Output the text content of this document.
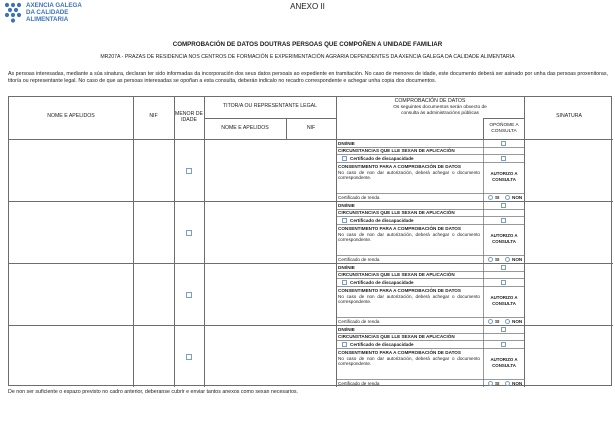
AXENCIA GALEGA
DA CALIDADE
ALIMENTARIA
ANEXO II
COMPROBACIÓN DE DATOS DOUTRAS PERSOAS QUE COMPOÑEN A UNIDADE FAMILIAR
MR207A - PRAZAS DE RESIDENCIA NOS CENTROS DE FORMACIÓN E EXPERIMENTACIÓN AGRARIA DEPENDENTES DA AXENCIA GALEGA DA CALIDADE ALIMENTARIA
As persoas interesadas, mediante a súa sinatura, declaran ter sido informadas da incorporación dos seus datos persoais ao expediente en tramitación. No caso de menores de idade, este documento deberá ser asinado por unha das persoas proxenitoras, titor/a ou representante legal. No caso de que as persoas interesadas se opoñan a esta consulta, deberán indicalo no recadro correspondente e achegar unha copia dos documentos.
NOME E APELIDOS	NIF	MENOR DE IDADE
TITOR/A OU REPRESENTANTE LEGAL
NOME E APELIDOS	NIF
COMPROBACIÓN DE DATOS
Os seguintes documentos serán obxecto de consulta ás administracións públicas
OPÓÑOME A CONSULTA
SINATURA
DNI/NIE
CIRCUNSTANCIAS QUE LLE SEXAN DE APLICACIÓN
Certificado de discapacidade
CONSENTIMENTO PARA A COMPROBACIÓN DE DATOS
No caso de non dar autorización, deberá achegar o documento correspondente.
AUTORIZO A CONSULTA
Certificado de renda	SI	NON
DNI/NIE
CIRCUNSTANCIAS QUE LLE SEXAN DE APLICACIÓN
Certificado de discapacidade
CONSENTIMENTO PARA A COMPROBACIÓN DE DATOS
No caso de non dar autorización, deberá achegar o documento correspondente.
AUTORIZO A CONSULTA
Certificado de renda	SI	NON
DNI/NIE
CIRCUNSTANCIAS QUE LLE SEXAN DE APLICACIÓN
Certificado de discapacidade
CONSENTIMENTO PARA A COMPROBACIÓN DE DATOS
No caso de non dar autorización, deberá achegar o documento correspondente.
AUTORIZO A CONSULTA
Certificado de renda	SI	NON
DNI/NIE
CIRCUNSTANCIAS QUE LLE SEXAN DE APLICACIÓN
Certificado de discapacidade
CONSENTIMENTO PARA A COMPROBACIÓN DE DATOS
No caso de non dar autorización, deberá achegar o documento correspondente.
AUTORIZO A CONSULTA
Certificado de renda	SI	NON
De non ser suficiente o espazo previsto no cadro anterior, deberanse cubrir e enviar tantos anexos como sexan necesarios.
